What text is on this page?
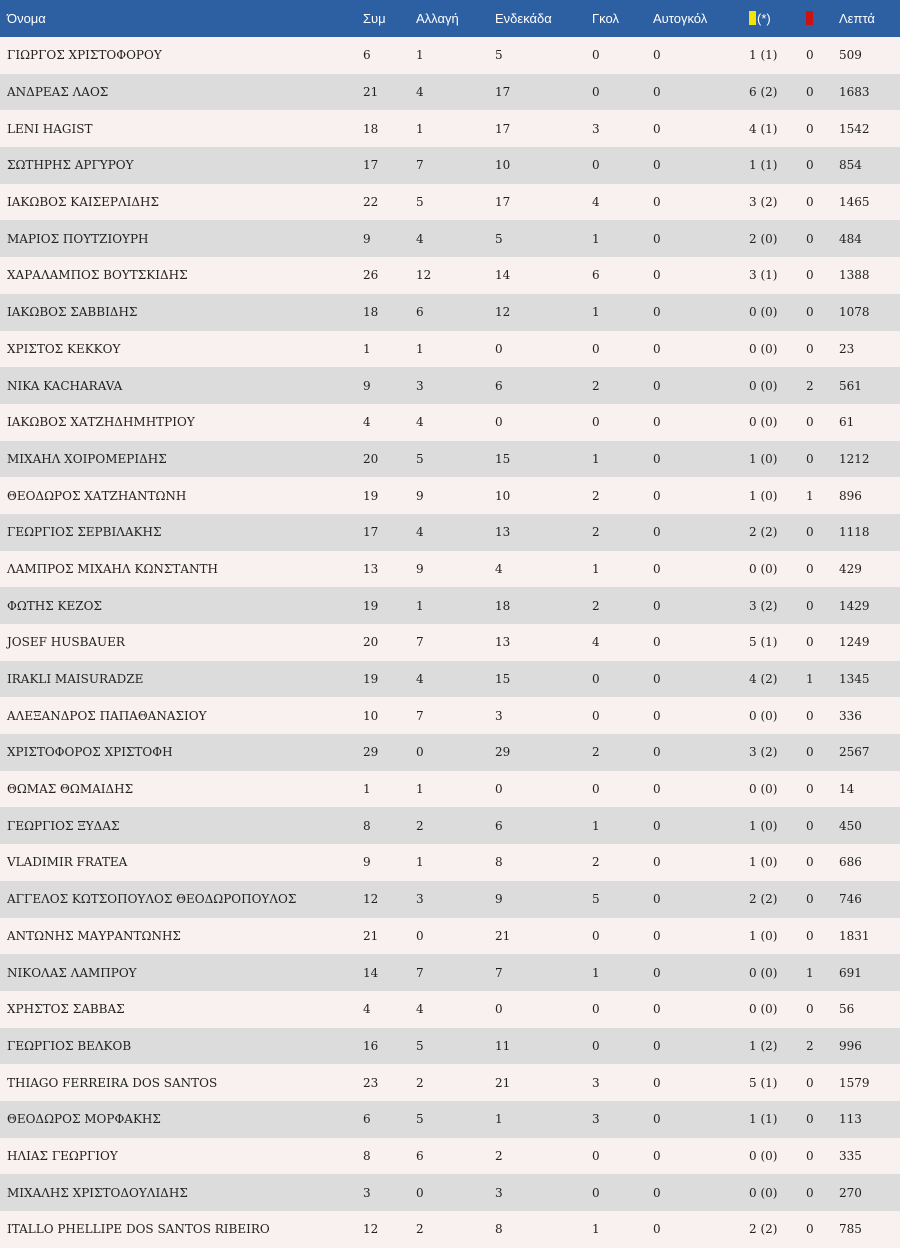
Όνομα	Συμ	Αλλαγή	Ενδεκάδα	Γκολ	Αυτογκόλ	(*)		Λεπτά
ΓΙΩΡΓΟΣ ΧΡΙΣΤΟΦΟΡΟΥ	6	1	5	0	0	1 (1)	0	509
ΑΝΔΡΕΑΣ ΛΑΟΣ	21	4	17	0	0	6 (2)	0	1683
LENI HAGIST	18	1	17	3	0	4 (1)	0	1542
ΣΩΤΗΡΗΣ ΑΡΓΥΡΟΥ	17	7	10	0	0	1 (1)	0	854
ΙΑΚΩΒΟΣ ΚΑΙΣΕΡΛΙΔΗΣ	22	5	17	4	0	3 (2)	0	1465
ΜΑΡΙΟΣ ΠΟΥΤΖΙΟΥΡΗ	9	4	5	1	0	2 (0)	0	484
ΧΑΡΑΛΑΜΠΟΣ ΒΟΥΤΣΚΙΔΗΣ	26	12	14	6	0	3 (1)	0	1388
ΙΑΚΩΒΟΣ ΣΑΒΒΙΔΗΣ	18	6	12	1	0	0 (0)	0	1078
ΧΡΙΣΤΟΣ ΚΕΚΚΟΥ	1	1	0	0	0	0 (0)	0	23
NIKA KACHARAVA	9	3	6	2	0	0 (0)	2	561
ΙΑΚΩΒΟΣ ΧΑΤΖΗΔΗΜΗΤΡΙΟΥ	4	4	0	0	0	0 (0)	0	61
ΜΙΧΑΗΛ ΧΟΙΡΟΜΕΡΙΔΗΣ	20	5	15	1	0	1 (0)	0	1212
ΘΕΟΔΩΡΟΣ ΧΑΤΖΗΑΝΤΩΝΗ	19	9	10	2	0	1 (0)	1	896
ΓΕΩΡΓΙΟΣ ΣΕΡΒΙΛΑΚΗΣ	17	4	13	2	0	2 (2)	0	1118
ΛΑΜΠΡΟΣ ΜΙΧΑΗΛ ΚΩΝΣΤΑΝΤΗ	13	9	4	1	0	0 (0)	0	429
ΦΩΤΗΣ ΚΕΖΟΣ	19	1	18	2	0	3 (2)	0	1429
JOSEF HUSBAUER	20	7	13	4	0	5 (1)	0	1249
IRAKLI MAISURADZE	19	4	15	0	0	4 (2)	1	1345
ΑΛΕΞΑΝΔΡΟΣ ΠΑΠΑΘΑΝΑΣΙΟΥ	10	7	3	0	0	0 (0)	0	336
ΧΡΙΣΤΟΦΟΡΟΣ ΧΡΙΣΤΟΦΗ	29	0	29	2	0	3 (2)	0	2567
ΘΩΜΑΣ ΘΩΜΑΙΔΗΣ	1	1	0	0	0	0 (0)	0	14
ΓΕΩΡΓΙΟΣ ΞΥΔΑΣ	8	2	6	1	0	1 (0)	0	450
VLADIMIR FRATEA	9	1	8	2	0	1 (0)	0	686
ΑΓΓΕΛΟΣ ΚΩΤΣΟΠΟΥΛΟΣ ΘΕΟΔΩΡΟΠΟΥΛΟΣ	12	3	9	5	0	2 (2)	0	746
ΑΝΤΩΝΗΣ ΜΑΥΡΑΝΤΩΝΗΣ	21	0	21	0	0	1 (0)	0	1831
ΝΙΚΟΛΑΣ ΛΑΜΠΡΟΥ	14	7	7	1	0	0 (0)	1	691
ΧΡΗΣΤΟΣ ΣΑΒΒΑΣ	4	4	0	0	0	0 (0)	0	56
ΓΕΩΡΓΙΟΣ ΒΕΛΚΟΒ	16	5	11	0	0	1 (2)	2	996
THIAGO FERREIRA DOS SANTOS	23	2	21	3	0	5 (1)	0	1579
ΘΕΟΔΩΡΟΣ ΜΟΡΦΑΚΗΣ	6	5	1	3	0	1 (1)	0	113
ΗΛΙΑΣ ΓΕΩΡΓΙΟΥ	8	6	2	0	0	0 (0)	0	335
ΜΙΧΑΛΗΣ ΧΡΙΣΤΟΔΟΥΛΙΔΗΣ	3	0	3	0	0	0 (0)	0	270
ITALLO PHELLIPE DOS SANTOS RIBEIRO	12	2	8	1	0	2 (2)	0	785
